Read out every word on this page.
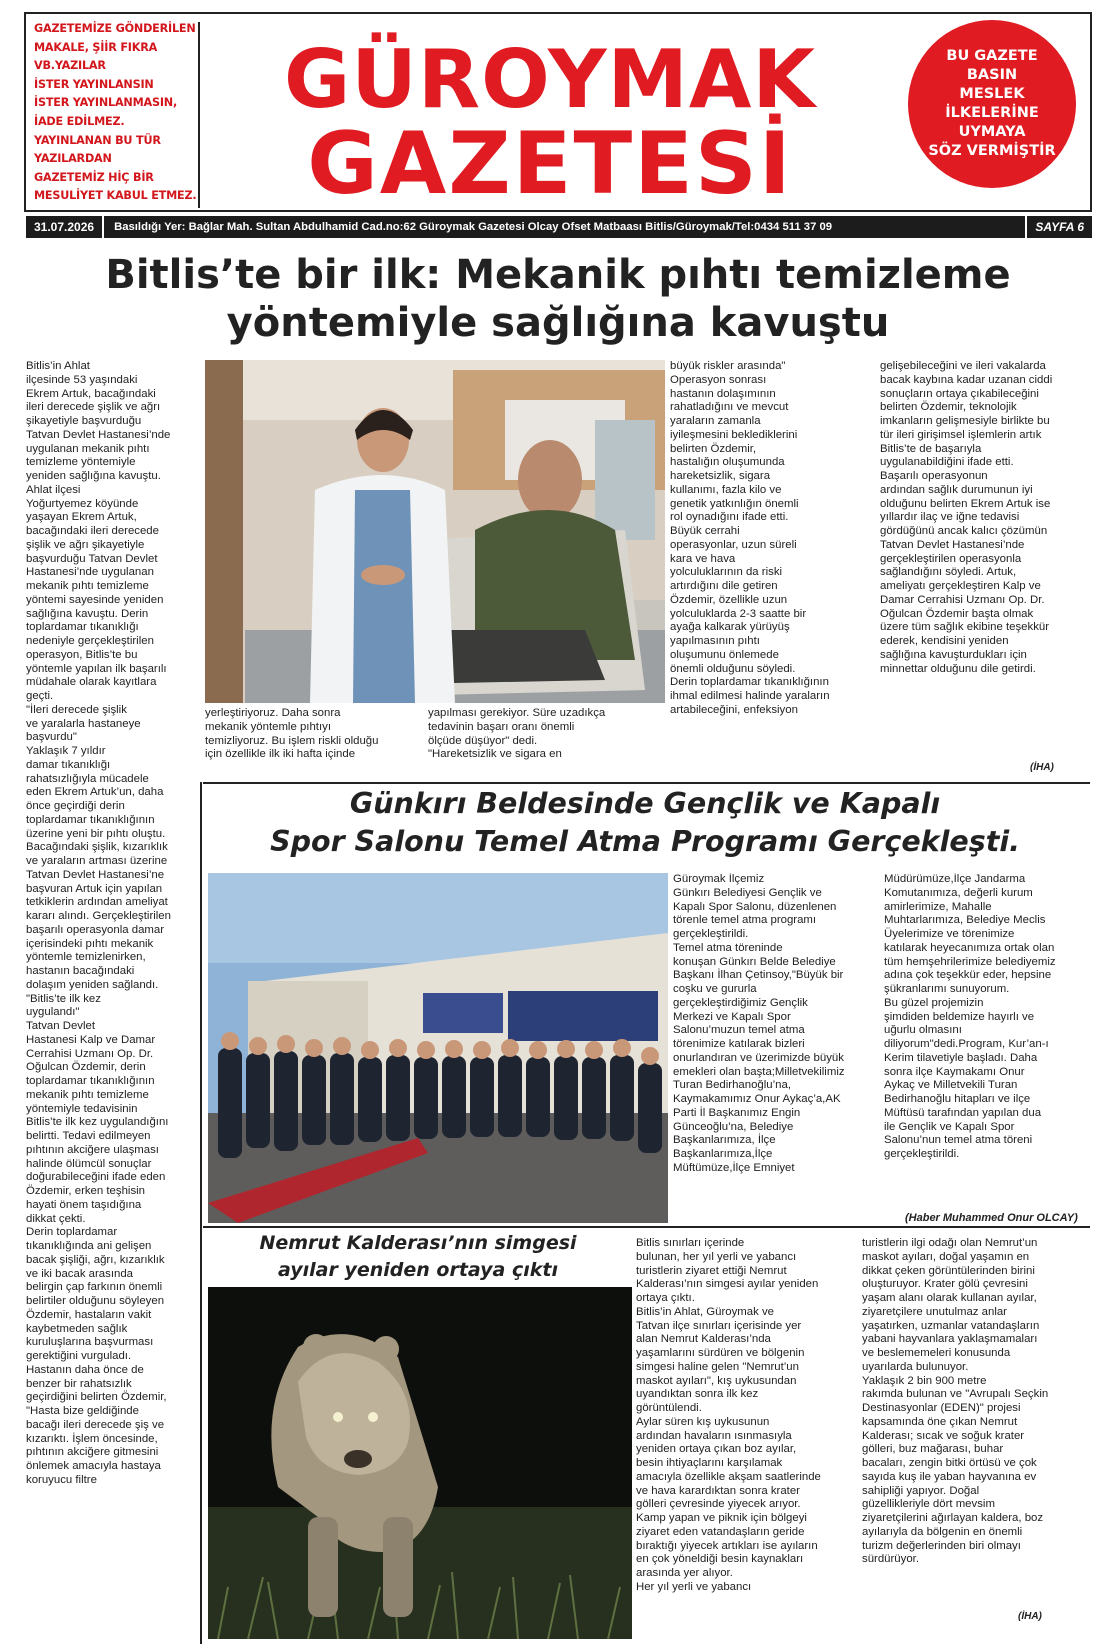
GAZETEMİZE GÖNDERİLEN
MAKALE, ŞİİR FIKRA
VB.YAZILAR
İSTER YAYINLANSIN
İSTER YAYINLANMASIN,
İADE EDİLMEZ.
YAYINLANAN BU TÜR
YAZILARDAN
GAZETEMİZ HİÇ BİR
MESULİYET KABUL ETMEZ.
GÜROYMAK
GAZETESİ
BU GAZETE
BASIN
MESLEK
İLKELERİNE
UYMAYA
SÖZ VERMİŞTİR
31.07.2026	Basıldığı Yer: Bağlar Mah. Sultan Abdulhamid Cad.no:62 Güroymak Gazetesi Olcay Ofset Matbaası Bitlis/Güroymak/Tel:0434 511 37 09	SAYFA 6
Bitlis’te bir ilk: Mekanik pıhtı temizleme
yöntemiyle sağlığına kavuştu
Bitlis’in Ahlat
ilçesinde 53 yaşındaki
Ekrem Artuk, bacağındaki
ileri derecede şişlik ve ağrı
şikayetiyle başvurduğu
Tatvan Devlet Hastanesi’nde
uygulanan mekanik pıhtı
temizleme yöntemiyle
yeniden sağlığına kavuştu.
Ahlat ilçesi
Yoğurtyemez köyünde
yaşayan Ekrem Artuk,
bacağındaki ileri derecede
şişlik ve ağrı şikayetiyle
başvurduğu Tatvan Devlet
Hastanesi’nde uygulanan
mekanik pıhtı temizleme
yöntemi sayesinde yeniden
sağlığına kavuştu. Derin
toplardamar tıkanıklığı
nedeniyle gerçekleştirilen
operasyon, Bitlis’te bu
yöntemle yapılan ilk başarılı
müdahale olarak kayıtlara
geçti.
"İleri derecede şişlik
ve yaralarla hastaneye
başvurdu"
Yaklaşık 7 yıldır
damar tıkanıklığı
rahatsızlığıyla mücadele
eden Ekrem Artuk’un, daha
önce geçirdiği derin
toplardamar tıkanıklığının
üzerine yeni bir pıhtı oluştu.
Bacağındaki şişlik, kızarıklık
ve yaraların artması üzerine
Tatvan Devlet Hastanesi’ne
başvuran Artuk için yapılan
tetkiklerin ardından ameliyat
kararı alındı. Gerçekleştirilen
başarılı operasyonla damar
içerisindeki pıhtı mekanik
yöntemle temizlenirken,
hastanın bacağındaki
dolaşım yeniden sağlandı.
"Bitlis’te ilk kez
uygulandı"
Tatvan Devlet
Hastanesi Kalp ve Damar
Cerrahisi Uzmanı Op. Dr.
Oğulcan Özdemir, derin
toplardamar tıkanıklığının
mekanik pıhtı temizleme
yöntemiyle tedavisinin
Bitlis’te ilk kez uygulandığını
belirtti. Tedavi edilmeyen
pıhtının akciğere ulaşması
halinde ölümcül sonuçlar
doğurabileceğini ifade eden
Özdemir, erken teşhisin
hayati önem taşıdığına
dikkat çekti.
Derin toplardamar
tıkanıklığında ani gelişen
bacak şişliği, ağrı, kızarıklık
ve iki bacak arasında
belirgin çap farkının önemli
belirtiler olduğunu söyleyen
Özdemir, hastaların vakit
kaybetmeden sağlık
kuruluşlarına başvurması
gerektiğini vurguladı.
Hastanın daha önce de
benzer bir rahatsızlık
geçirdiğini belirten Özdemir,
"Hasta bize geldiğinde
bacağı ileri derecede şiş ve
kızarıktı. İşlem öncesinde,
pıhtının akciğere gitmesini
önlemek amacıyla hastaya
koruyucu filtre
yerleştiriyoruz. Daha sonra
mekanik yöntemle pıhtıyı
temizliyoruz. Bu işlem riskli olduğu
için özellikle ilk iki hafta içinde
yapılması gerekiyor. Süre uzadıkça
tedavinin başarı oranı önemli
ölçüde düşüyor" dedi.
"Hareketsizlik ve sigara en
büyük riskler arasında"
Operasyon sonrası
hastanın dolaşımının
rahatladığını ve mevcut
yaraların zamanla
iyileşmesini beklediklerini
belirten Özdemir,
hastalığın oluşumunda
hareketsizlik, sigara
kullanımı, fazla kilo ve
genetik yatkınlığın önemli
rol oynadığını ifade etti.
Büyük cerrahi
operasyonlar, uzun süreli
kara ve hava
yolculuklarının da riski
artırdığını dile getiren
Özdemir, özellikle uzun
yolculuklarda 2-3 saatte bir
ayağa kalkarak yürüyüş
yapılmasının pıhtı
oluşumunu önlemede
önemli olduğunu söyledi.
Derin toplardamar tıkanıklığının
ihmal edilmesi halinde yaraların
artabileceğini, enfeksiyon
gelişebileceğini ve ileri vakalarda
bacak kaybına kadar uzanan ciddi
sonuçların ortaya çıkabileceğini
belirten Özdemir, teknolojik
imkanların gelişmesiyle birlikte bu
tür ileri girişimsel işlemlerin artık
Bitlis’te de başarıyla
uygulanabildiğini ifade etti.
Başarılı operasyonun
ardından sağlık durumunun iyi
olduğunu belirten Ekrem Artuk ise
yıllardır ilaç ve iğne tedavisi
gördüğünü ancak kalıcı çözümün
Tatvan Devlet Hastanesi’nde
gerçekleştirilen operasyonla
sağlandığını söyledi. Artuk,
ameliyatı gerçekleştiren Kalp ve
Damar Cerrahisi Uzmanı Op. Dr.
Oğulcan Özdemir başta olmak
üzere tüm sağlık ekibine teşekkür
ederek, kendisini yeniden
sağlığına kavuşturdukları için
minnettar olduğunu dile getirdi.
(İHA)
Günkırı Beldesinde Gençlik ve Kapalı
Spor Salonu Temel Atma Programı Gerçekleşti.
Güroymak İlçemiz
Günkırı Belediyesi Gençlik ve
Kapalı Spor Salonu, düzenlenen
törenle temel atma programı
gerçekleştirildi.
Temel atma töreninde
konuşan Günkırı Belde Belediye
Başkanı İlhan Çetinsoy,"Büyük bir
coşku ve gururla
gerçekleştirdiğimiz Gençlik
Merkezi ve Kapalı Spor
Salonu’muzun temel atma
törenimize katılarak bizleri
onurlandıran ve üzerimizde büyük
emekleri olan başta;Milletvekilimiz
Turan Bedirhanoğlu’na,
Kaymakamımız Onur Aykaç’a,AK
Parti İl Başkanımız Engin
Günceoğlu’na, Belediye
Başkanlarımıza, İlçe
Başkanlarımıza,İlçe
Müftümüze,İlçe Emniyet
Müdürümüze,İlçe Jandarma
Komutanımıza, değerli kurum
amirlerimize, Mahalle
Muhtarlarımıza, Belediye Meclis
Üyelerimize ve törenimize
katılarak heyecanımıza ortak olan
tüm hemşehrilerimize belediyemiz
adına çok teşekkür eder, hepsine
şükranlarımı sunuyorum.
Bu güzel projemizin
şimdiden beldemize hayırlı ve
uğurlu olmasını
diliyorum"dedi.Program, Kur’an-ı
Kerim tilavetiyle başladı. Daha
sonra ilçe Kaymakamı Onur
Aykaç ve Milletvekili Turan
Bedirhanoğlu hitapları ve ilçe
Müftüsü tarafından yapılan dua
ile Gençlik ve Kapalı Spor
Salonu’nun temel atma töreni
gerçekleştirildi.
(Haber Muhammed Onur OLCAY)
Nemrut Kalderası’nın simgesi
ayılar yeniden ortaya çıktı
Bitlis sınırları içerinde
bulunan, her yıl yerli ve yabancı
turistlerin ziyaret ettiği Nemrut
Kalderası’nın simgesi ayılar yeniden
ortaya çıktı.
Bitlis’in Ahlat, Güroymak ve
Tatvan ilçe sınırları içerisinde yer
alan Nemrut Kalderası’nda
yaşamlarını sürdüren ve bölgenin
simgesi haline gelen "Nemrut’un
maskot ayıları", kış uykusundan
uyandıktan sonra ilk kez
görüntülendi.
Aylar süren kış uykusunun
ardından havaların ısınmasıyla
yeniden ortaya çıkan boz ayılar,
besin ihtiyaçlarını karşılamak
amacıyla özellikle akşam saatlerinde
ve hava karardıktan sonra krater
gölleri çevresinde yiyecek arıyor.
Kamp yapan ve piknik için bölgeyi
ziyaret eden vatandaşların geride
bıraktığı yiyecek artıkları ise ayıların
en çok yöneldiği besin kaynakları
arasında yer alıyor.
Her yıl yerli ve yabancı
turistlerin ilgi odağı olan Nemrut’un
maskot ayıları, doğal yaşamın en
dikkat çeken görüntülerinden birini
oluşturuyor. Krater gölü çevresini
yaşam alanı olarak kullanan ayılar,
ziyaretçilere unutulmaz anlar
yaşatırken, uzmanlar vatandaşların
yabani hayvanlara yaklaşmamaları
ve beslememeleri konusunda
uyarılarda bulunuyor.
Yaklaşık 2 bin 900 metre
rakımda bulunan ve "Avrupalı Seçkin
Destinasyonlar (EDEN)" projesi
kapsamında öne çıkan Nemrut
Kalderası; sıcak ve soğuk krater
gölleri, buz mağarası, buhar
bacaları, zengin bitki örtüsü ve çok
sayıda kuş ile yaban hayvanına ev
sahipliği yapıyor. Doğal
güzellikleriyle dört mevsim
ziyaretçilerini ağırlayan kaldera, boz
ayılarıyla da bölgenin en önemli
turizm değerlerinden biri olmayı
sürdürüyor.
(İHA)
